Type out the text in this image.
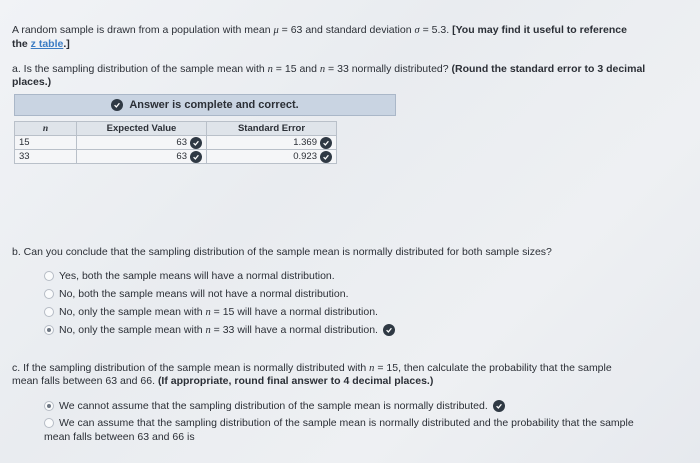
A random sample is drawn from a population with mean μ = 63 and standard deviation σ = 5.3. [You may find it useful to reference
the z table.]
a. Is the sampling distribution of the sample mean with n = 15 and n = 33 normally distributed? (Round the standard error to 3 decimal
places.)
Answer is complete and correct.
n	Expected Value	Standard Error
15	63	1.369

33	63	0.923
b. Can you conclude that the sampling distribution of the sample mean is normally distributed for both sample sizes?
Yes, both the sample means will have a normal distribution.
No, both the sample means will not have a normal distribution.
No, only the sample mean with n = 15 will have a normal distribution.
No, only the sample mean with n = 33 will have a normal distribution.
c. If the sampling distribution of the sample mean is normally distributed with n = 15, then calculate the probability that the sample
mean falls between 63 and 66. (If appropriate, round final answer to 4 decimal places.)
We cannot assume that the sampling distribution of the sample mean is normally distributed.
We can assume that the sampling distribution of the sample mean is normally distributed and the probability that the sample
mean falls between 63 and 66 is
